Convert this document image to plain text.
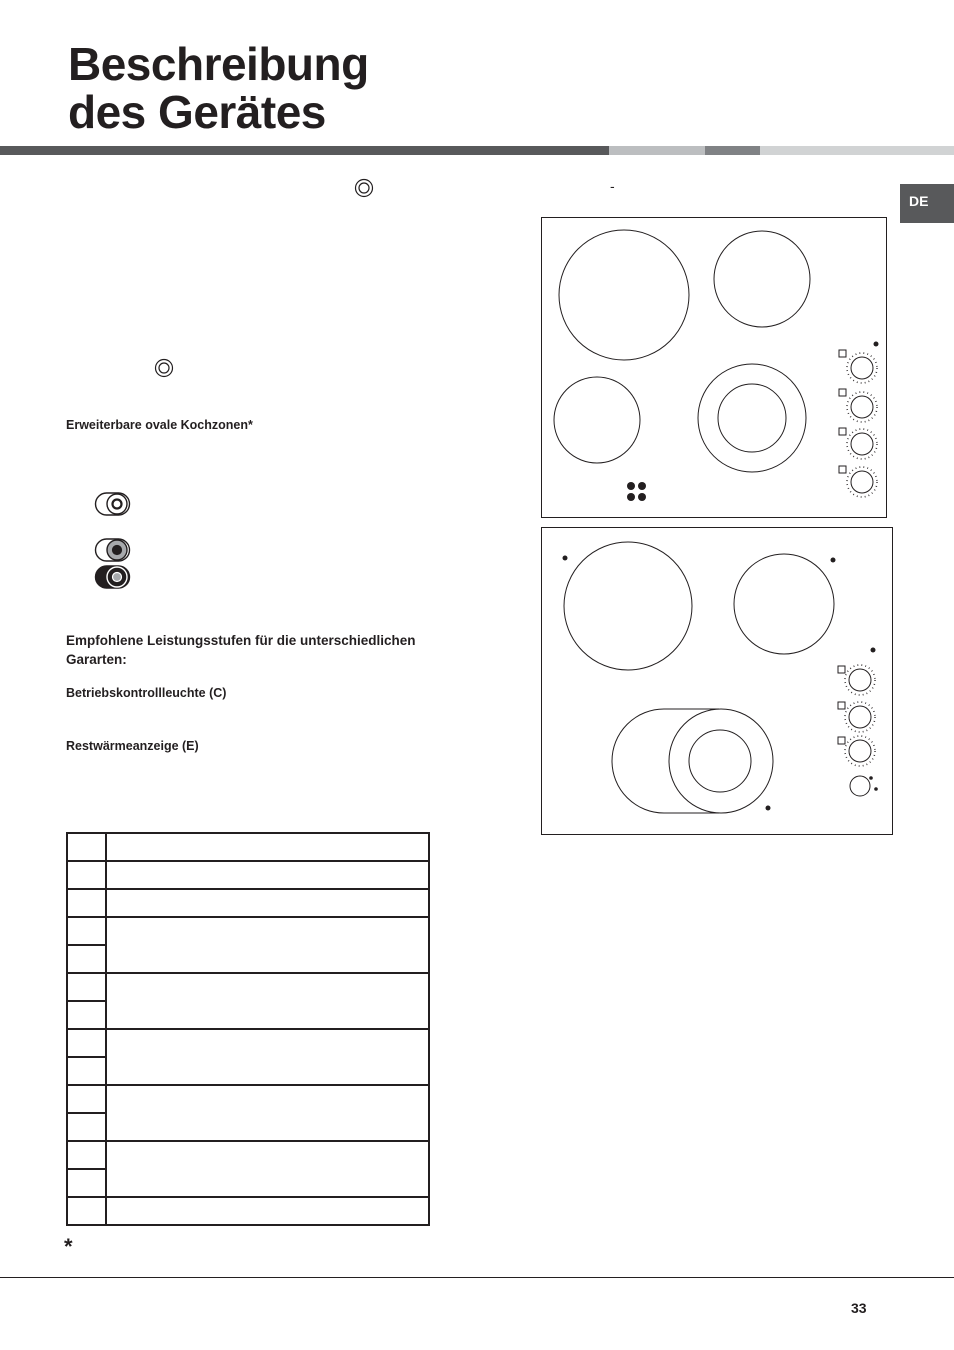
Beschreibung
des Gerätes
DE
-
Erweiterbare ovale Kochzonen*
Empfohlene Leistungsstufen für die unterschiedlichen Gararten:
Betriebskontrollleuchte (C)
Restwärmeanzeige (E)

*
33
